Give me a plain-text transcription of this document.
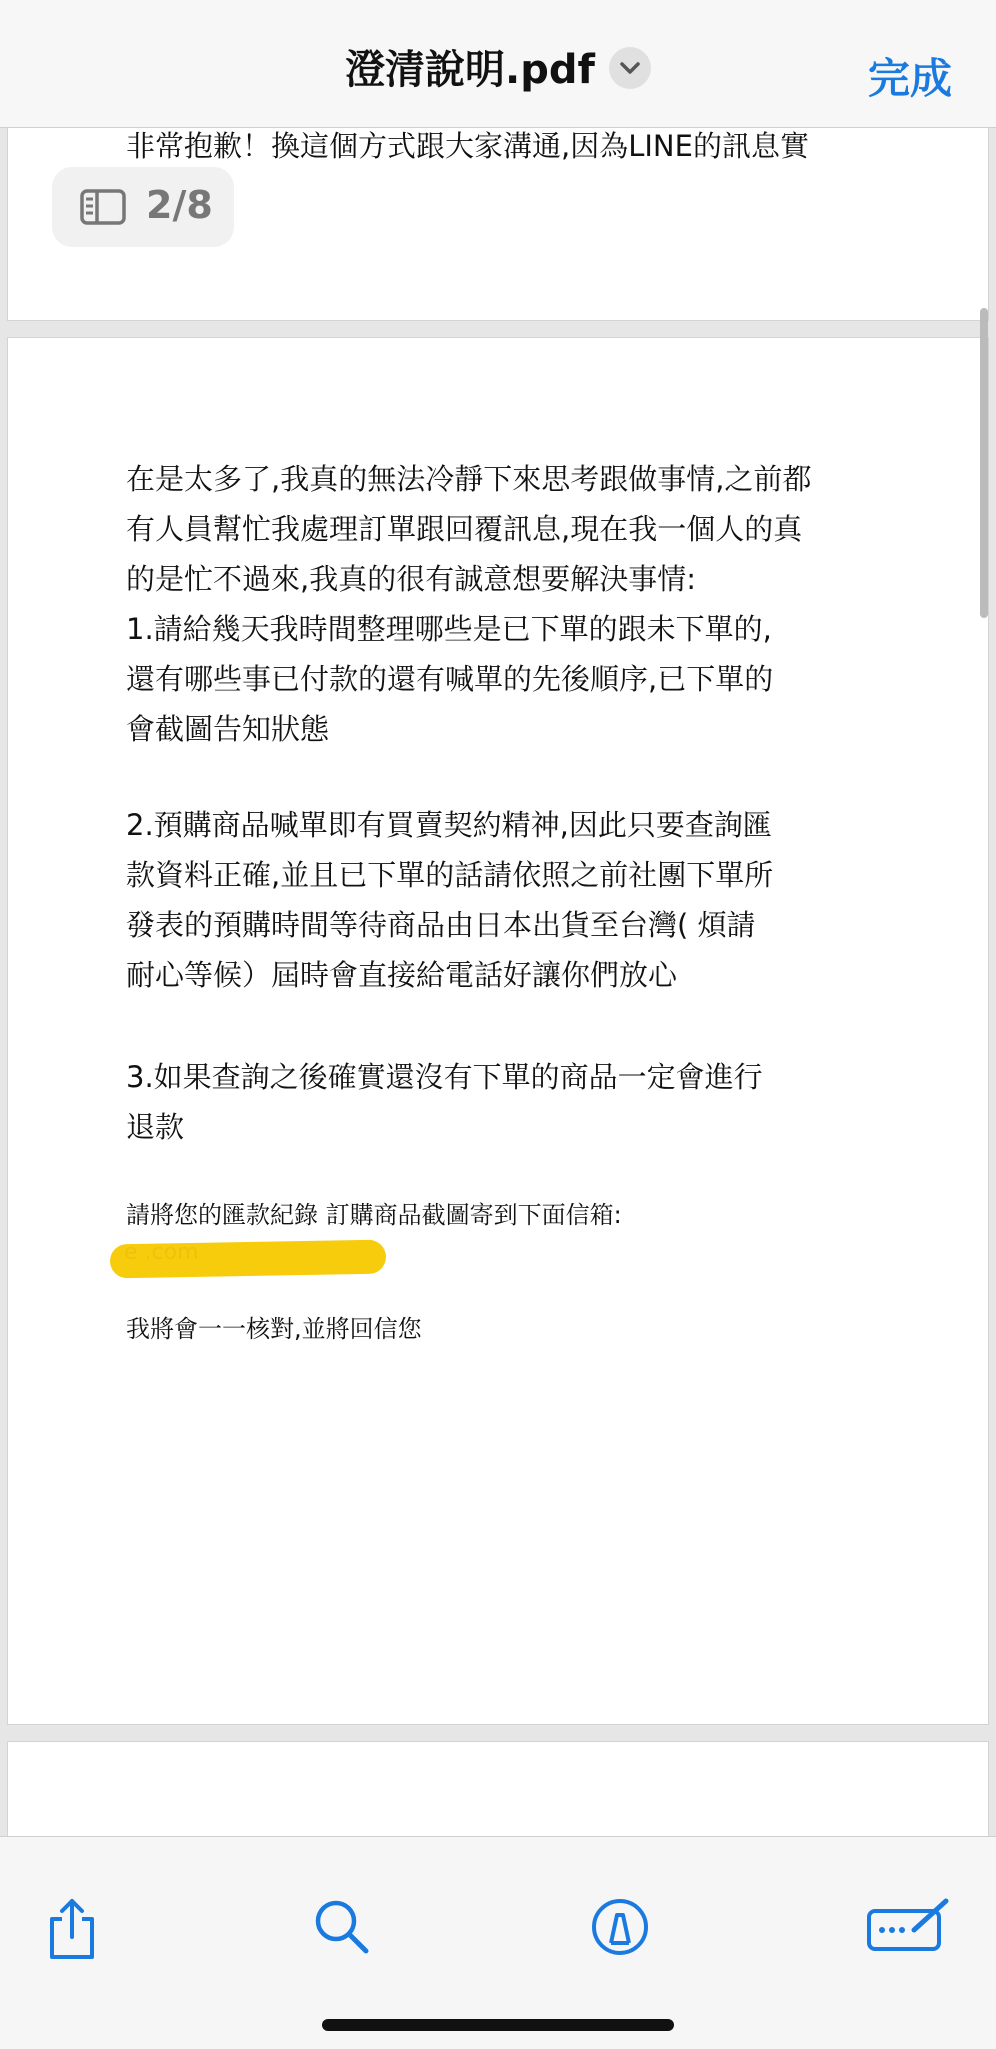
澄清說明.pdf	完成
非常抱歉！換這個方式跟大家溝通,因為LINE的訊息實
2/8
在是太多了,我真的無法冷靜下來思考跟做事情,之前都
有人員幫忙我處理訂單跟回覆訊息,現在我一個人的真
的是忙不過來,我真的很有誠意想要解決事情:
1.請給幾天我時間整理哪些是已下單的跟未下單的,
還有哪些事已付款的還有喊單的先後順序,已下單的
會截圖告知狀態
2.預購商品喊單即有買賣契約精神,因此只要查詢匯
款資料正確,並且已下單的話請依照之前社團下單所
發表的預購時間等待商品由日本出貨至台灣( 煩請
耐心等候）屆時會直接給電話好讓你們放心
3.如果查詢之後確實還沒有下單的商品一定會進行
退款
請將您的匯款紀錄 訂購商品截圖寄到下面信箱:
我將會一一核對,並將回信您
